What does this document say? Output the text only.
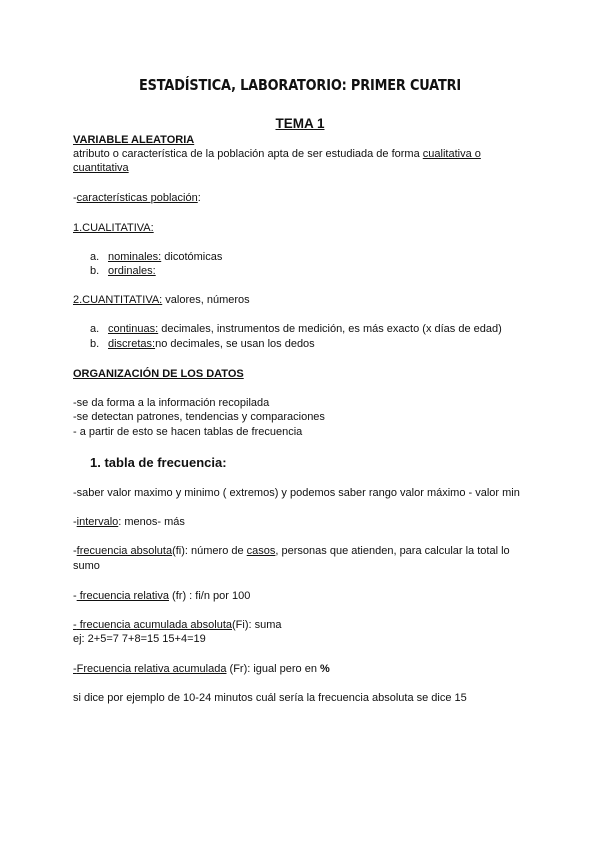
ESTADÍSTICA, LABORATORIO: PRIMER CUATRI
TEMA 1
VARIABLE ALEATORIA
atributo o característica de la población apta de ser estudiada de forma cualitativa o
cuantitativa
-características población:
1.CUALITATIVA:
a. nominales: dicotómicas
b. ordinales:
2.CUANTITATIVA: valores, números
a. continuas: decimales, instrumentos de medición, es más exacto (x días de edad)
b. discretas:no decimales, se usan los dedos
ORGANIZACIÓN DE LOS DATOS
-se da forma a la información recopilada
-se detectan patrones, tendencias y comparaciones
- a partir de esto se hacen tablas de frecuencia
1. tabla de frecuencia:
-saber valor maximo y minimo ( extremos) y podemos saber rango valor máximo - valor min
-intervalo: menos- más
-frecuencia absoluta(fi): número de casos, personas que atienden, para calcular la total lo
sumo
- frecuencia relativa (fr) : fi/n por 100
- frecuencia acumulada absoluta(Fi): suma
ej: 2+5=7 7+8=15 15+4=19
-Frecuencia relativa acumulada (Fr): igual pero en %
si dice por ejemplo de 10-24 minutos cuál sería la frecuencia absoluta se dice 15
